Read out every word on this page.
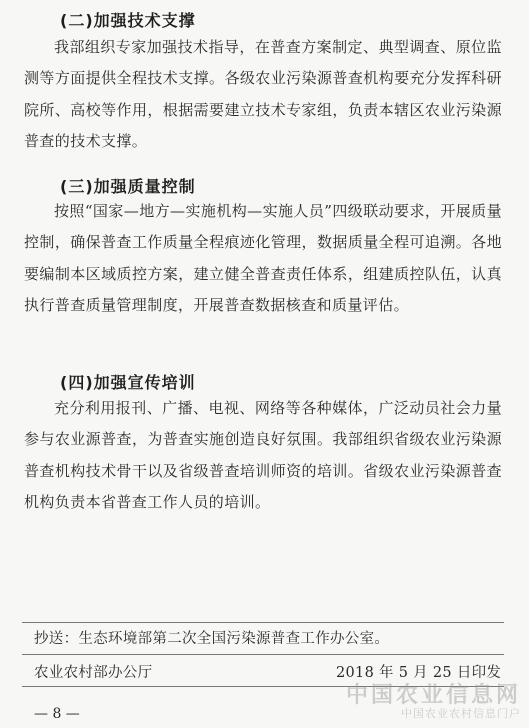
(二)加强技术支撑
我部组织专家加强技术指导，在普查方案制定、典型调查、原位监测等方面提供全程技术支撑。各级农业污染源普查机构要充分发挥科研院所、高校等作用，根据需要建立技术专家组，负责本辖区农业污染源普查的技术支撑。
(三)加强质量控制
按照“国家—地方—实施机构—实施人员”四级联动要求，开展质量控制，确保普查工作质量全程痕迹化管理，数据质量全程可追溯。各地要编制本区域质控方案，建立健全普查责任体系，组建质控队伍，认真执行普查质量管理制度，开展普查数据核查和质量评估。
(四)加强宣传培训
充分利用报刊、广播、电视、网络等各种媒体，广泛动员社会力量参与农业源普查，为普查实施创造良好氛围。我部组织省级农业污染源普查机构技术骨干以及省级普查培训师资的培训。省级农业污染源普查机构负责本省普查工作人员的培训。
抄送：生态环境部第二次全国污染源普查工作办公室。
农业农村部办公厅	2018 年 5 月 25 日印发
— 8 —
中国农业信息网
中国农业农村信息门户
